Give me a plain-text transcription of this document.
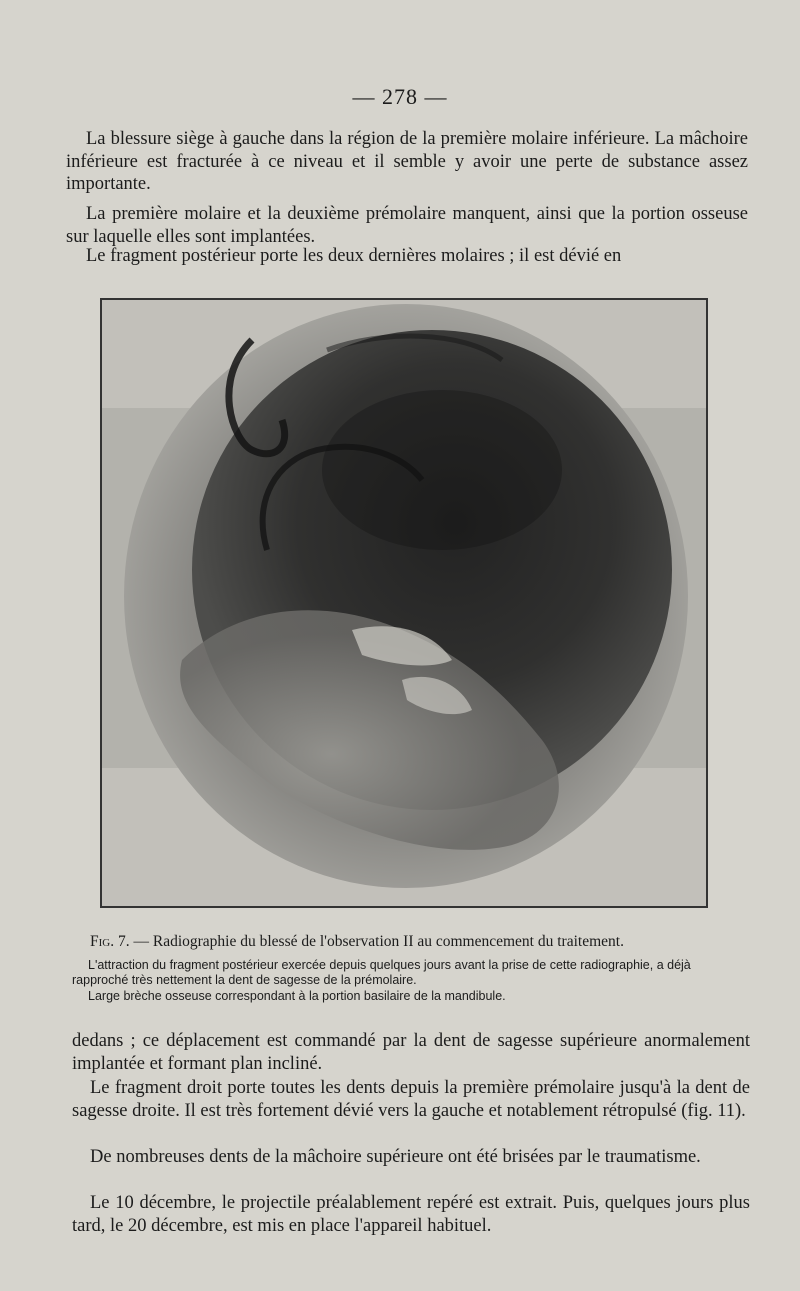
— 278 —

La blessure siège à gauche dans la région de la première molaire inférieure. La mâchoire inférieure est fracturée à ce niveau et il semble y avoir une perte de substance assez importante.

La première molaire et la deuxième prémolaire manquent, ainsi que la portion osseuse sur laquelle elles sont implantées.

Le fragment postérieur porte les deux dernières molaires ; il est dévié en

Fig. 7. — Radiographie du blessé de l'observation II au commencement du traitement.

L'attraction du fragment postérieur exercée depuis quelques jours avant la prise de cette radiographie, a déjà rapproché très nettement la dent de sagesse de la prémolaire.

Large brèche osseuse correspondant à la portion basilaire de la mandibule.

dedans ; ce déplacement est commandé par la dent de sagesse supérieure anormalement implantée et formant plan incliné.

Le fragment droit porte toutes les dents depuis la première prémolaire jusqu'à la dent de sagesse droite. Il est très fortement dévié vers la gauche et notablement rétropulsé (fig. 11).

De nombreuses dents de la mâchoire supérieure ont été brisées par le traumatisme.

Le 10 décembre, le projectile préalablement repéré est extrait. Puis, quelques jours plus tard, le 20 décembre, est mis en place l'appareil habituel.
